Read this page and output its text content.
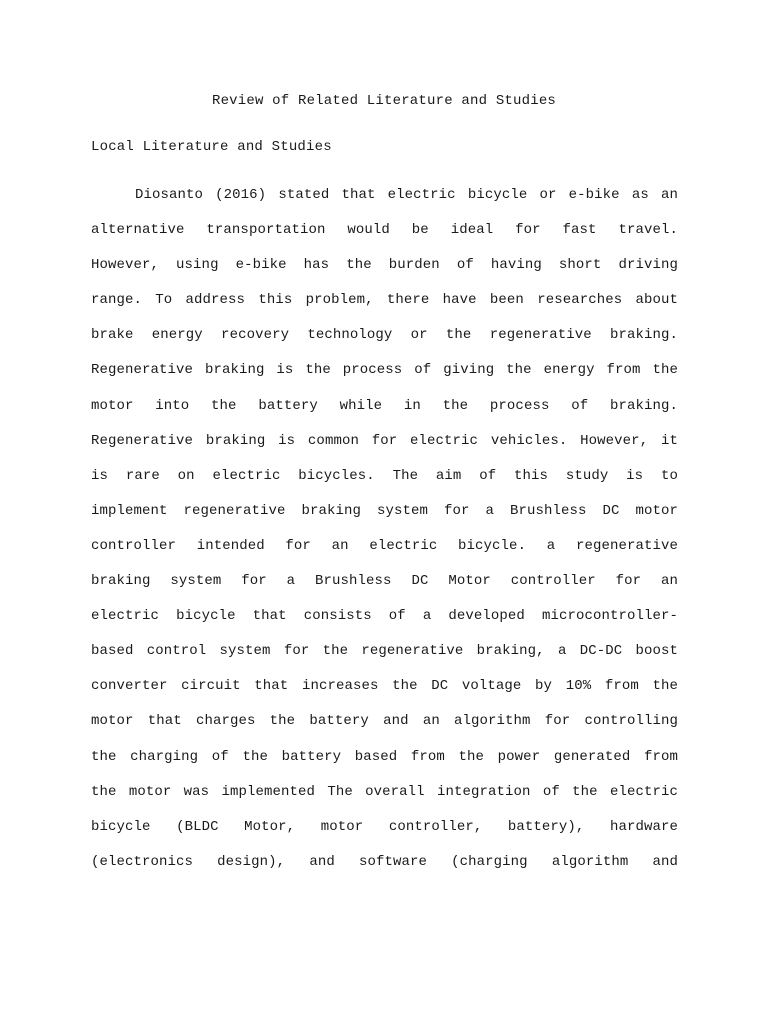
Review of Related Literature and Studies
Local Literature and Studies
Diosanto (2016) stated that electric bicycle or e-bike as an
alternative transportation would be ideal for fast travel.
However, using e-bike has the burden of having short driving
range. To address this problem, there have been researches about
brake energy recovery technology or the regenerative braking.
Regenerative braking is the process of giving the energy from the
motor into the battery while in the process of braking.
Regenerative braking is common for electric vehicles. However, it
is rare on electric bicycles. The aim of this study is to
implement regenerative braking system for a Brushless DC motor
controller intended for an electric bicycle. a regenerative
braking system for a Brushless DC Motor controller for an
electric bicycle that consists of a developed microcontroller-
based control system for the regenerative braking, a DC-DC boost
converter circuit that increases the DC voltage by 10% from the
motor that charges the battery and an algorithm for controlling
the charging of the battery based from the power generated from
the motor was implemented The overall integration of the electric
bicycle (BLDC Motor, motor controller, battery), hardware
(electronics design), and software (charging algorithm and
